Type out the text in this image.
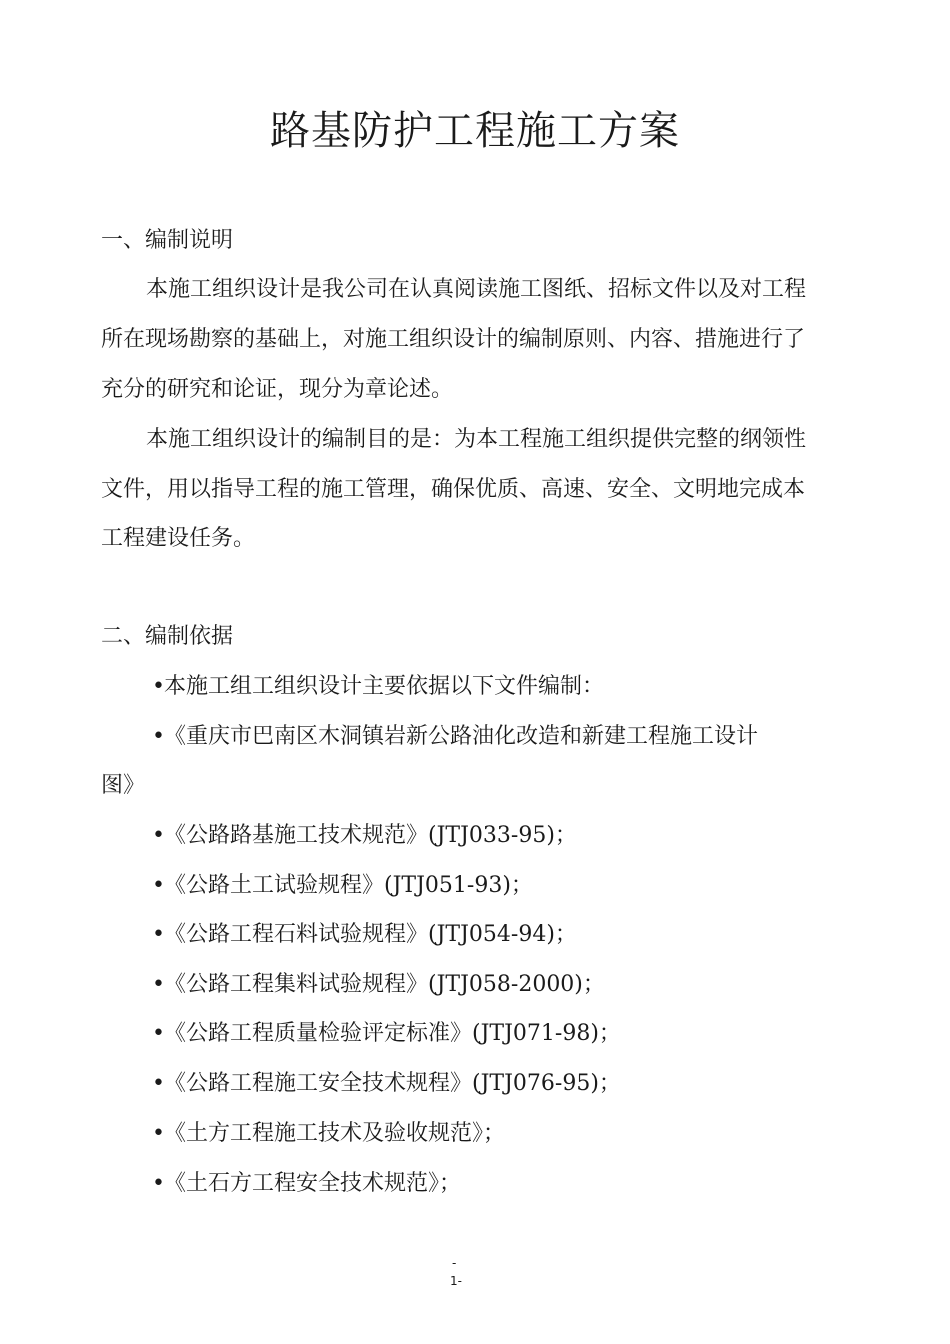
路基防护工程施工方案
一、编制说明
本施工组织设计是我公司在认真阅读施工图纸、招标文件以及对工程
所在现场勘察的基础上，对施工组织设计的编制原则、内容、措施进行了
充分的研究和论证，现分为章论述。
本施工组织设计的编制目的是：为本工程施工组织提供完整的纲领性
文件，用以指导工程的施工管理，确保优质、高速、安全、文明地完成本
工程建设任务。
二、编制依据
•本施工组工组织设计主要依据以下文件编制：
•《重庆市巴南区木洞镇岩新公路油化改造和新建工程施工设计
图》
•《公路路基施工技术规范》(JTJ033-95)；
•《公路土工试验规程》(JTJ051-93)；
•《公路工程石料试验规程》(JTJ054-94)；
•《公路工程集料试验规程》(JTJ058-2000)；
•《公路工程质量检验评定标准》(JTJ071-98)；
•《公路工程施工安全技术规程》(JTJ076-95)；
•《土方工程施工技术及验收规范》；
•《土石方工程安全技术规范》；
-
1-
